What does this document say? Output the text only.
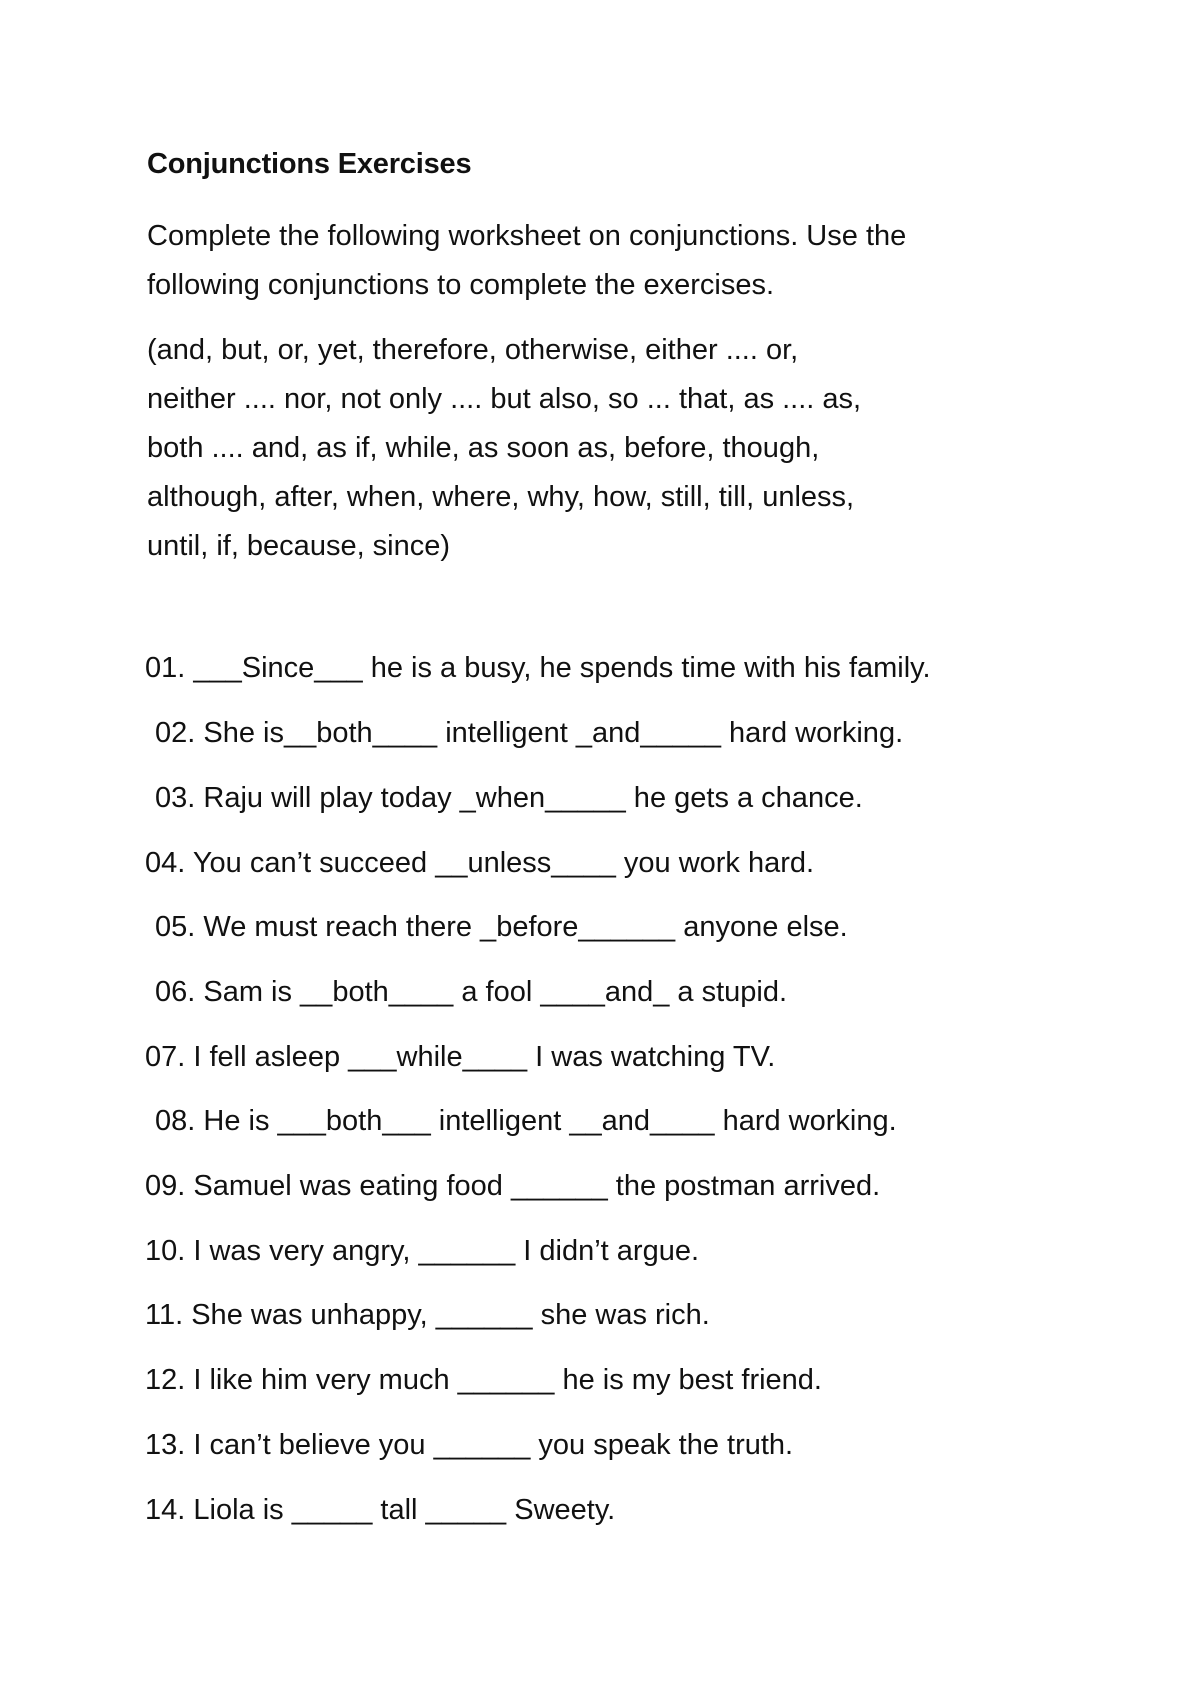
Conjunctions Exercises

Complete the following worksheet on conjunctions. Use the

following conjunctions to complete the exercises.

(and, but, or, yet, therefore, otherwise, either .... or,

neither .... nor, not only .... but also, so ... that, as .... as,

both .... and, as if, while, as soon as, before, though,

although, after, when, where, why, how, still, till, unless,

until, if, because, since)

01. ___Since___ he is a busy, he spends time with his family.
02. She is__both____ intelligent _and_____ hard working.
03. Raju will play today _when_____ he gets a chance.
04. You can’t succeed __unless____ you work hard.
05. We must reach there _before______ anyone else.
06. Sam is __both____ a fool ____and_ a stupid.
07. I fell asleep ___while____ I was watching TV.
08. He is ___both___ intelligent __and____ hard working.
09. Samuel was eating food ______ the postman arrived.
10. I was very angry, ______ I didn’t argue.
11. She was unhappy, ______ she was rich.
12. I like him very much ______ he is my best friend.
13. I can’t believe you ______ you speak the truth.
14. Liola is _____ tall _____ Sweety.
